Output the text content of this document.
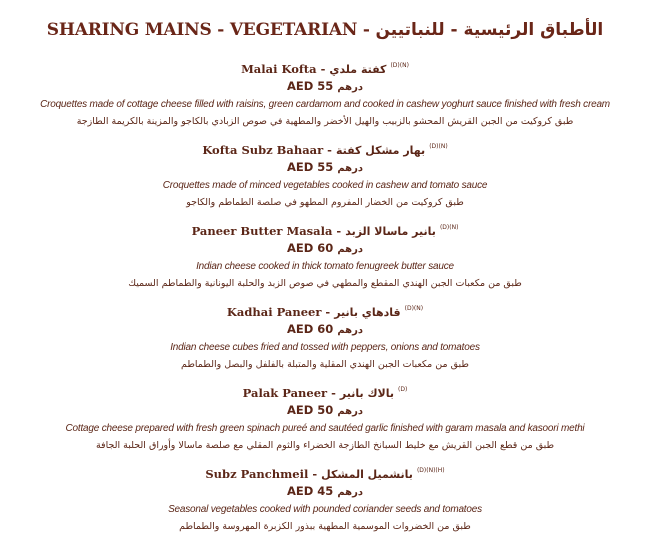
SHARING MAINS - VEGETARIAN - الأطباق الرئيسية - للنباتيين
Malai Kofta - كفتة ملدي $^{(D)(N)}$
AED 55 درهم
Croquettes made of cottage cheese filled with raisins, green cardamom and cooked in cashew yoghurt sauce finished with fresh cream
طبق كروكيت من الجبن القريش المحشو بالزبيب والهيل الأخضر والمطهية في صوص الزبادي بالكاجو والمزينة بالكريمة الطازجة
Kofta Subz Bahaar - بهار مشكل كفتة $^{(D)(N)}$
AED 55 درهم
Croquettes made of minced vegetables cooked in cashew and tomato sauce
طبق كروكيت من الخضار المفروم المطهو في صلصة الطماطم والكاجو
Paneer Butter Masala - بانير ماسالا الزبد $^{(D)(N)}$
AED 60 درهم
Indian cheese cooked in thick tomato fenugreek butter sauce
طبق من مكعبات الجبن الهندي المقطع والمطهي في صوص الزبد والحلبة اليونانية والطماطم السميك
Kadhai Paneer - قادهاي بانير $^{(D)(N)}$
AED 60 درهم
Indian cheese cubes fried and tossed with peppers, onions and tomatoes
طبق من مكعبات الجبن الهندي المقلية والمتبلة بالفلفل والبصل والطماطم
Palak Paneer - بالاك بانير $^{(D)}$
AED 50 درهم
Cottage cheese prepared with fresh green spinach pureé and sautéed garlic finished with garam masala and kasoori methi
طبق من قطع الجبن القريش مع خليط السبانخ الطازجة الخضراء والثوم المقلي مع صلصة ماسالا وأوراق الحلبة الجافة
Subz Panchmeil - بانشميل المشكل $^{(D)(N)(H)}$
AED 45 درهم
Seasonal vegetables cooked with pounded coriander seeds and tomatoes
طبق من الخضروات الموسمية المطهية ببذور الكزبرة المهروسة والطماطم
